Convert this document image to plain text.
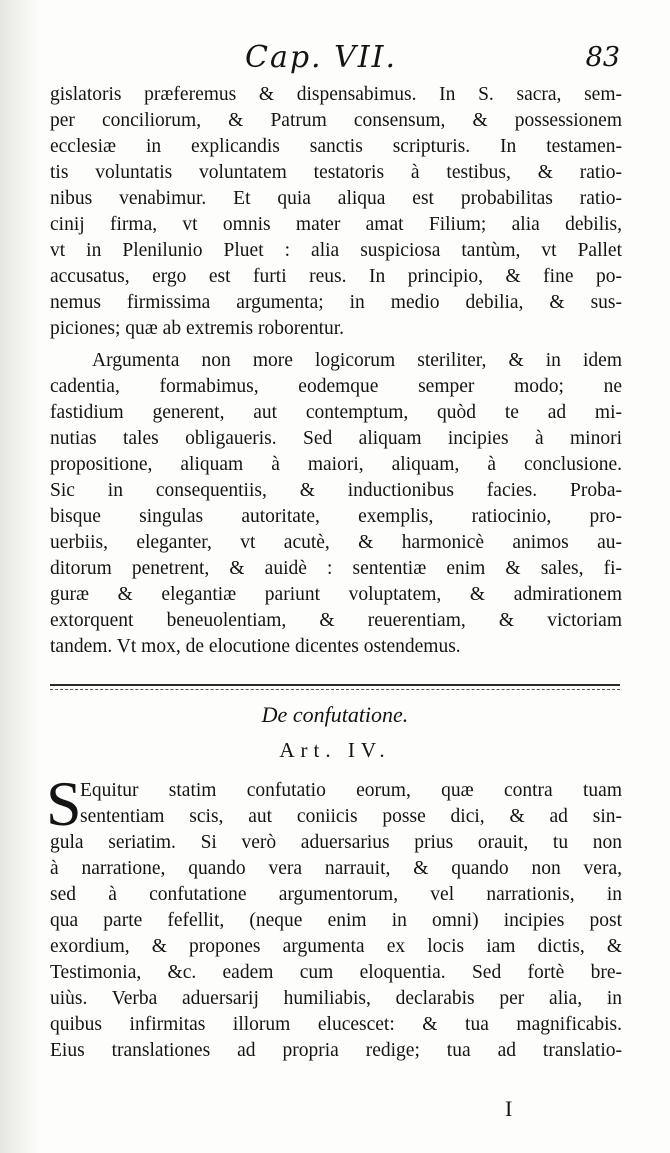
Cap. VII.	83

gislatoris præferemus & dispensabimus. In S. sacra, sem-
per conciliorum, & Patrum consensum, & possessionem
ecclesiæ in explicandis sanctis scripturis. In testamen-
tis voluntatis voluntatem testatoris à testibus, & ratio-
nibus venabimur. Et quia aliqua est probabilitas ratio-
cinij firma, vt omnis mater amat Filium; alia debilis,
vt in Plenilunio Pluet : alia suspiciosa tantùm, vt Pallet
accusatus, ergo est furti reus. In principio, & fine po-
nemus firmissima argumenta; in medio debilia, & sus-
piciones; quæ ab extremis roborentur.

Argumenta non more logicorum steriliter, & in idem
cadentia, formabimus, eodemque semper modo; ne
fastidium generent, aut contemptum, quòd te ad mi-
nutias tales obligaueris. Sed aliquam incipies à minori
propositione, aliquam à maiori, aliquam, à conclusione.
Sic in consequentiis, & inductionibus facies. Proba-
bisque singulas autoritate, exemplis, ratiocinio, pro-
uerbiis, eleganter, vt acutè, & harmonicè animos au-
ditorum penetrent, & auidè : sententiæ enim & sales, fi-
guræ & elegantiæ pariunt voluptatem, & admirationem
extorquent beneuolentiam, & reuerentiam, & victoriam
tandem. Vt mox, de elocutione dicentes ostendemus.

De confutatione.
Art. IV.
S

Equitur statim confutatio eorum, quæ contra tuam
sententiam scis, aut coniicis posse dici, & ad sin-
gula seriatim. Si verò aduersarius prius orauit, tu non
à narratione, quando vera narrauit, & quando non vera,
sed à confutatione argumentorum, vel narrationis, in
qua parte fefellit, (neque enim in omni) incipies post
exordium, & propones argumenta ex locis iam dictis, &
Testimonia, &c. eadem cum eloquentia. Sed fortè bre-
uiùs. Verba aduersarij humiliabis, declarabis per alia, in
quibus infirmitas illorum elucescet: & tua magnificabis.
Eius translationes ad propria redige; tua ad translatio-

I
